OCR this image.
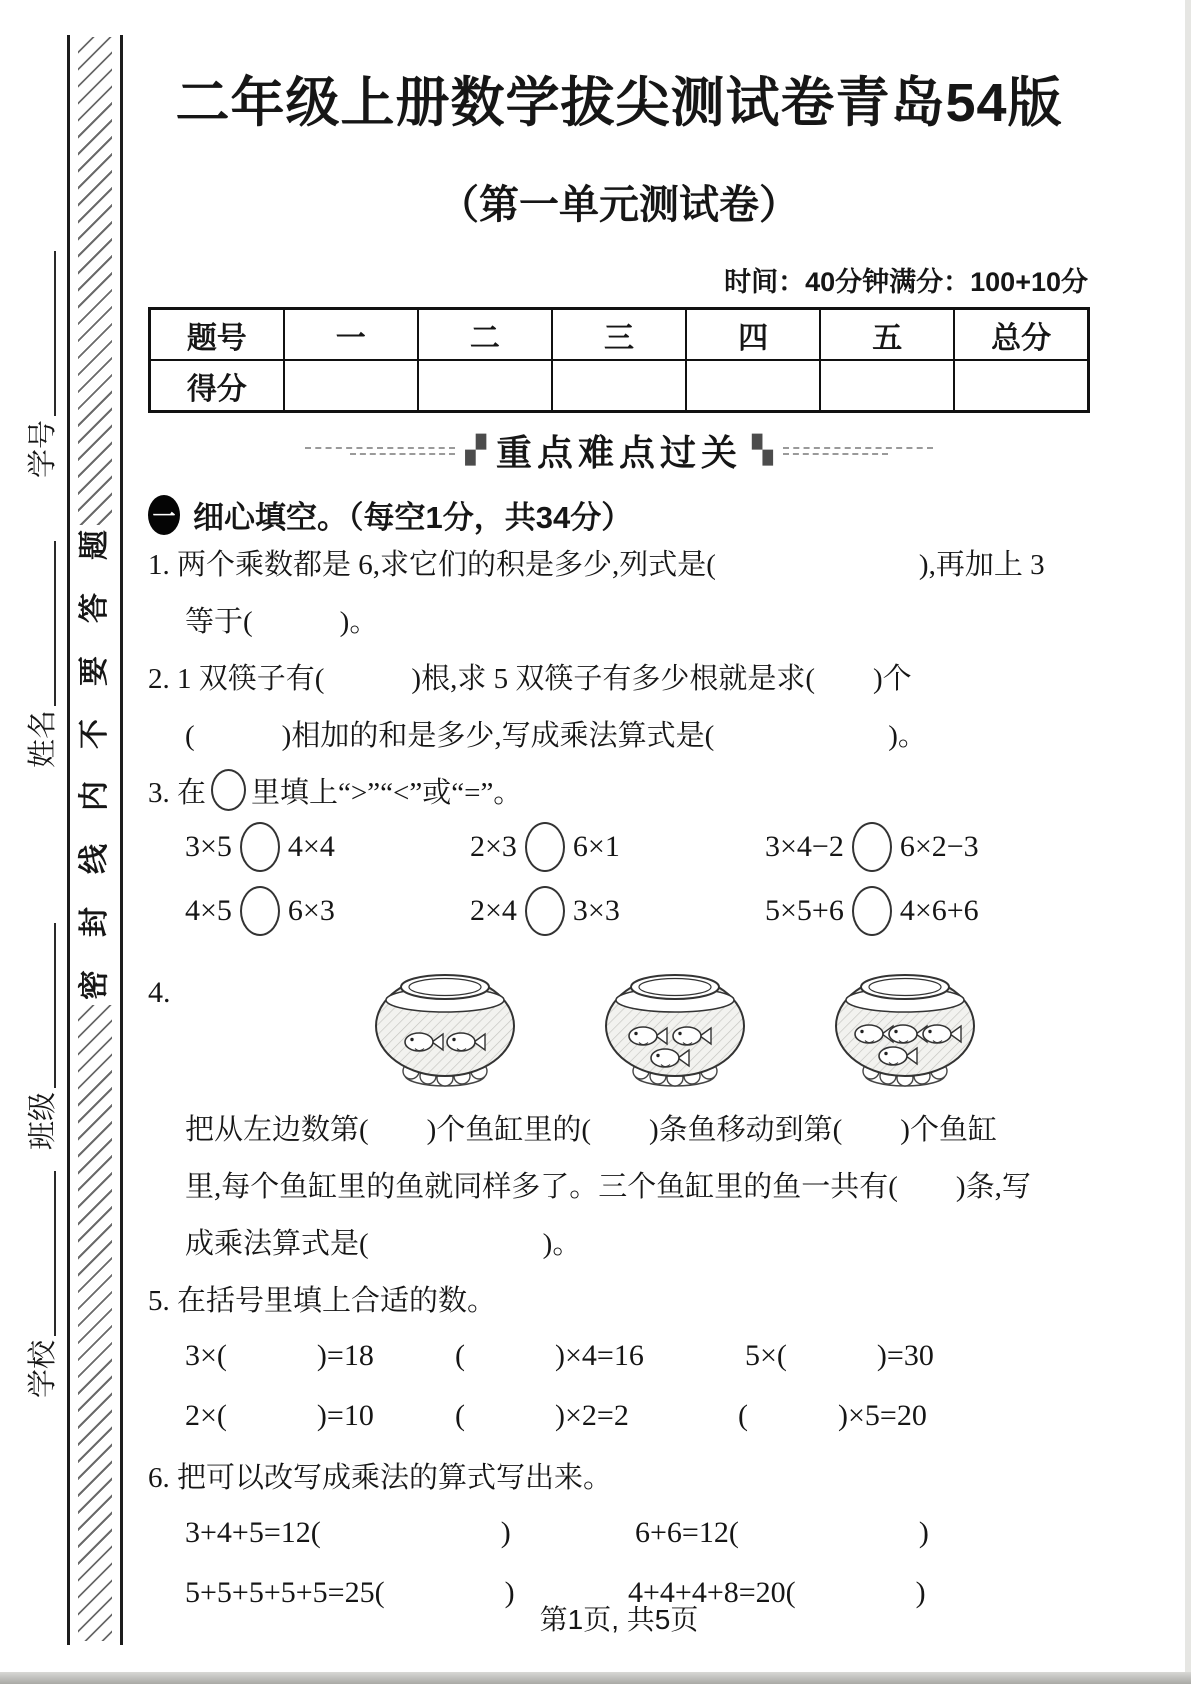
学号
姓名
班级
学校
题
答
要
不
内
线
封
密
二年级上册数学拔尖测试卷青岛54版
（第一单元测试卷）
时间：40分钟满分：100+10分
题号	一	二	三	四	五	总分
得分						
▞ 重点难点过关 ▚
一 细心填空。（每空1分，共34分）

1. 两个乘数都是 6,求它们的积是多少,列式是(　　　　　　　),再加上 3

等于(　　　)。

2. 1 双筷子有(　　　)根,求 5 双筷子有多少根就是求(　　)个

(　　　)相加的和是多少,写成乘法算式是(　　　　　　)。

3. 在 里填上“>”“<”或“=”。

3×5 4×4	2×3 6×1	3×4−2 6×2−3
4×5 6×3	2×4 3×3	5×5+6 4×6+6
4.

把从左边数第(　　)个鱼缸里的(　　)条鱼移动到第(　　)个鱼缸

里,每个鱼缸里的鱼就同样多了。三个鱼缸里的鱼一共有(　　)条,写

成乘法算式是(　　　　　　)。

5. 在括号里填上合适的数。

3×(　　　)=18	(　　　)×4=16	5×(　　　)=30
2×(　　　)=10	(　　　)×2=2	(　　　)×5=20

6. 把可以改写成乘法的算式写出来。

3+4+5=12(　　　　　　)	6+6=12(　　　　　　)
5+5+5+5+5=25(　　　　)	4+4+4+8=20(　　　　)
第1页, 共5页
